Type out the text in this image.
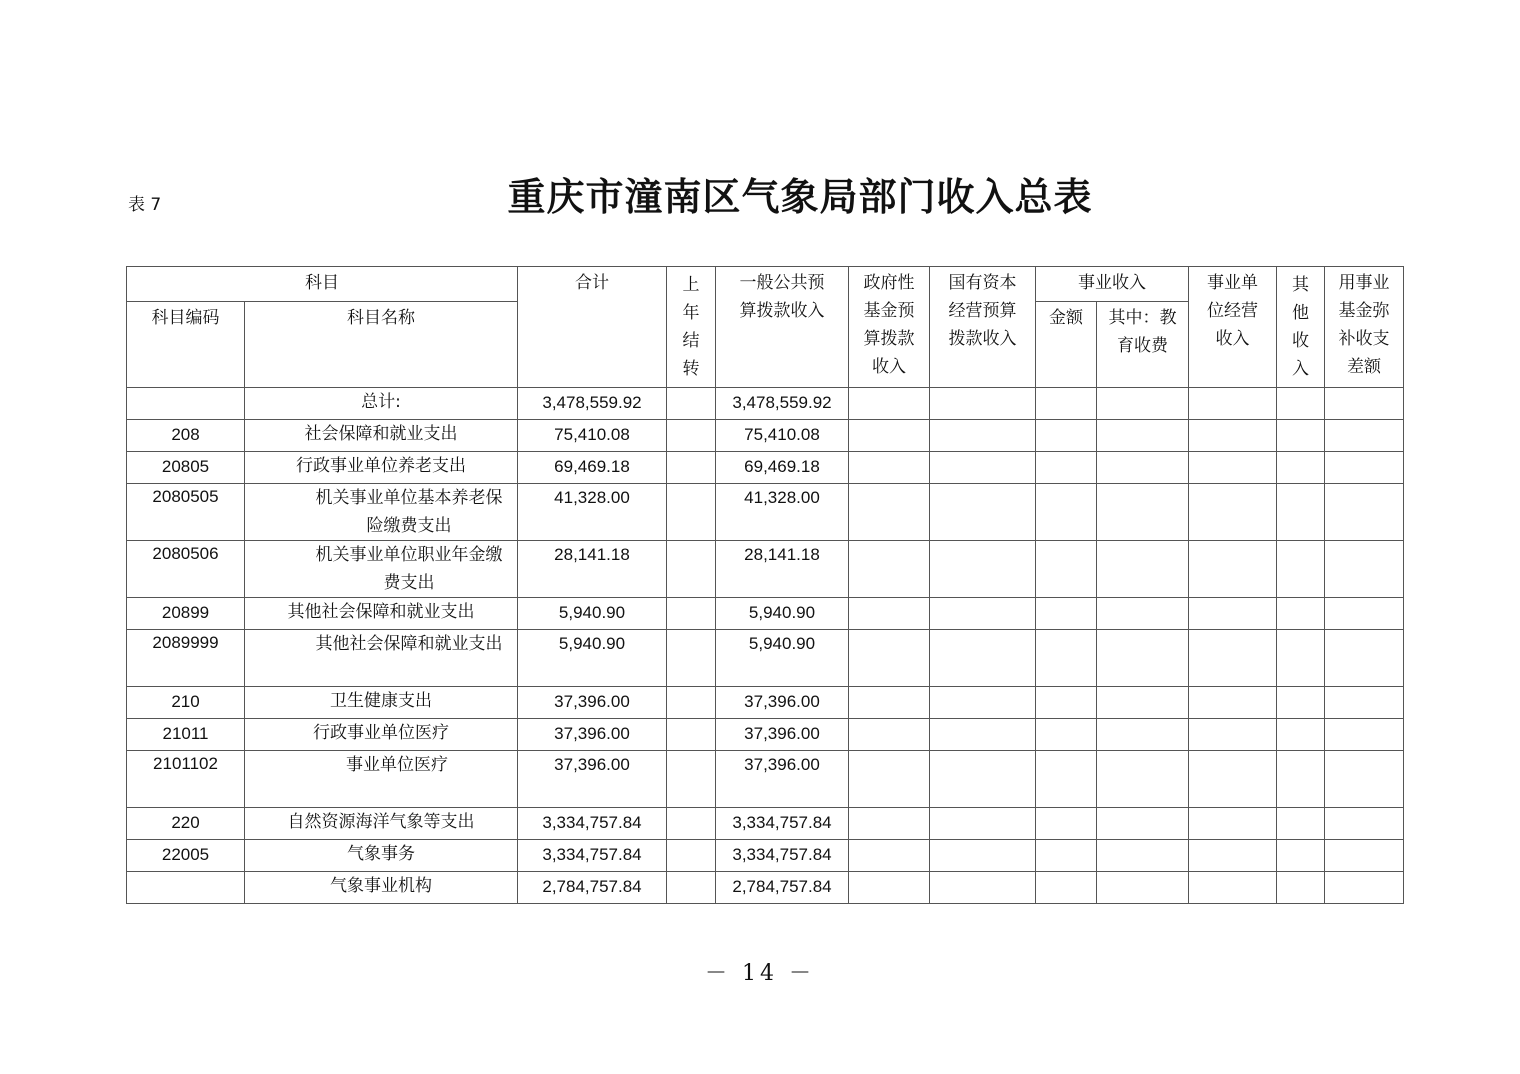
表 7	重庆市潼南区气象局部门收入总表
科目		合计	上年结转	一般公共预算拨款收入	政府性基金预算拨款收入	国有资本经营预算拨款收入	事业收入		事业单位经营收入	其他收入	用事业基金弥补收支差额

科目编码	科目名称						金额	其中：教育收费			

	总计:	3,478,559.92		3,478,559.92							
208	社会保障和就业支出	75,410.08		75,410.08							
20805	行政事业单位养老支出	69,469.18		69,469.18							
2080505	机关事业单位基本养老保险缴费支出	41,328.00		41,328.00							
2080506	机关事业单位职业年金缴费支出	28,141.18		28,141.18							
20899	其他社会保障和就业支出	5,940.90		5,940.90							
2089999	其他社会保障和就业支出	5,940.90		5,940.90							
210	卫生健康支出	37,396.00		37,396.00							
21011	行政事业单位医疗	37,396.00		37,396.00							
2101102	事业单位医疗	37,396.00		37,396.00							
220	自然资源海洋气象等支出	3,334,757.84		3,334,757.84							
22005	气象事务	3,334,757.84		3,334,757.84							
	气象事业机构	2,784,757.84		2,784,757.84							
－ 14 －
